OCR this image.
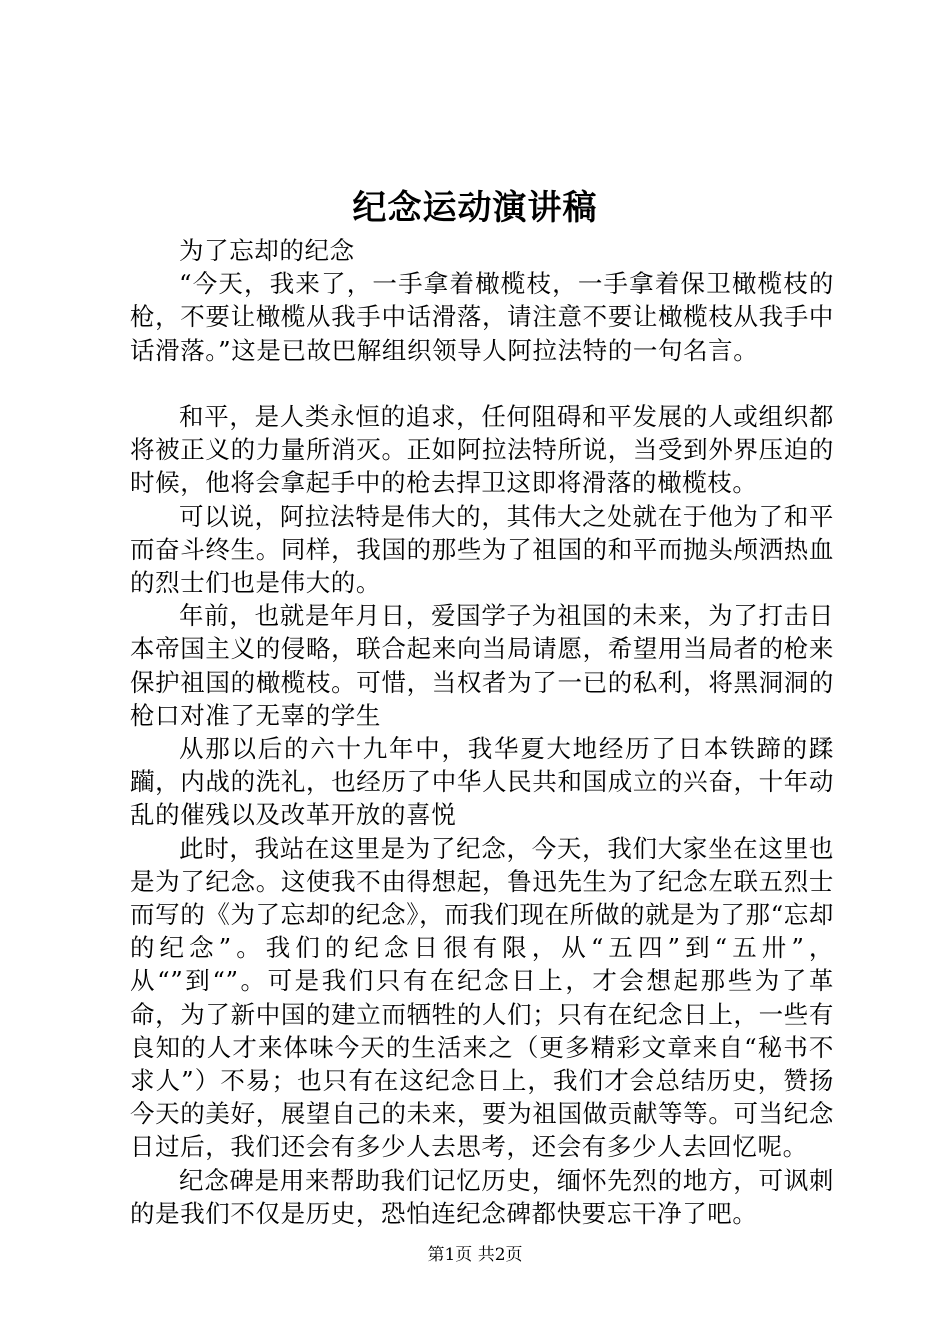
纪念运动演讲稿

为了忘却的纪念

“今天，我来了，一手拿着橄榄枝，一手拿着保卫橄榄枝的枪，不要让橄榄从我手中话滑落，请注意不要让橄榄枝从我手中话滑落。”这是已故巴解组织领导人阿拉法特的一句名言。

和平，是人类永恒的追求，任何阻碍和平发展的人或组织都将被正义的力量所消灭。正如阿拉法特所说，当受到外界压迫的时候，他将会拿起手中的枪去捍卫这即将滑落的橄榄枝。

可以说，阿拉法特是伟大的，其伟大之处就在于他为了和平而奋斗终生。同样，我国的那些为了祖国的和平而抛头颅洒热血的烈士们也是伟大的。

年前，也就是年月日，爱国学子为祖国的未来，为了打击日本帝国主义的侵略，联合起来向当局请愿，希望用当局者的枪来保护祖国的橄榄枝。可惜，当权者为了一已的私利，将黑洞洞的枪口对准了无辜的学生

从那以后的六十九年中，我华夏大地经历了日本铁蹄的蹂躏，内战的洗礼，也经历了中华人民共和国成立的兴奋，十年动乱的催残以及改革开放的喜悦

此时，我站在这里是为了纪念，今天，我们大家坐在这里也是为了纪念。这使我不由得想起，鲁迅先生为了纪念左联五烈士而写的《为了忘却的纪念》，而我们现在所做的就是为了那“忘却的纪念”。我们的纪念日很有限，从“五四”到“五卅”，从“”到“”。可是我们只有在纪念日上，才会想起那些为了革命，为了新中国的建立而牺牲的人们；只有在纪念日上，一些有良知的人才来体味今天的生活来之（更多精彩文章来自“秘书不求人”）不易；也只有在这纪念日上，我们才会总结历史，赞扬今天的美好，展望自己的未来，要为祖国做贡献等等。可当纪念日过后，我们还会有多少人去思考，还会有多少人去回忆呢。

纪念碑是用来帮助我们记忆历史，缅怀先烈的地方，可讽刺的是我们不仅是历史，恐怕连纪念碑都快要忘干净了吧。

第1页 共2页
